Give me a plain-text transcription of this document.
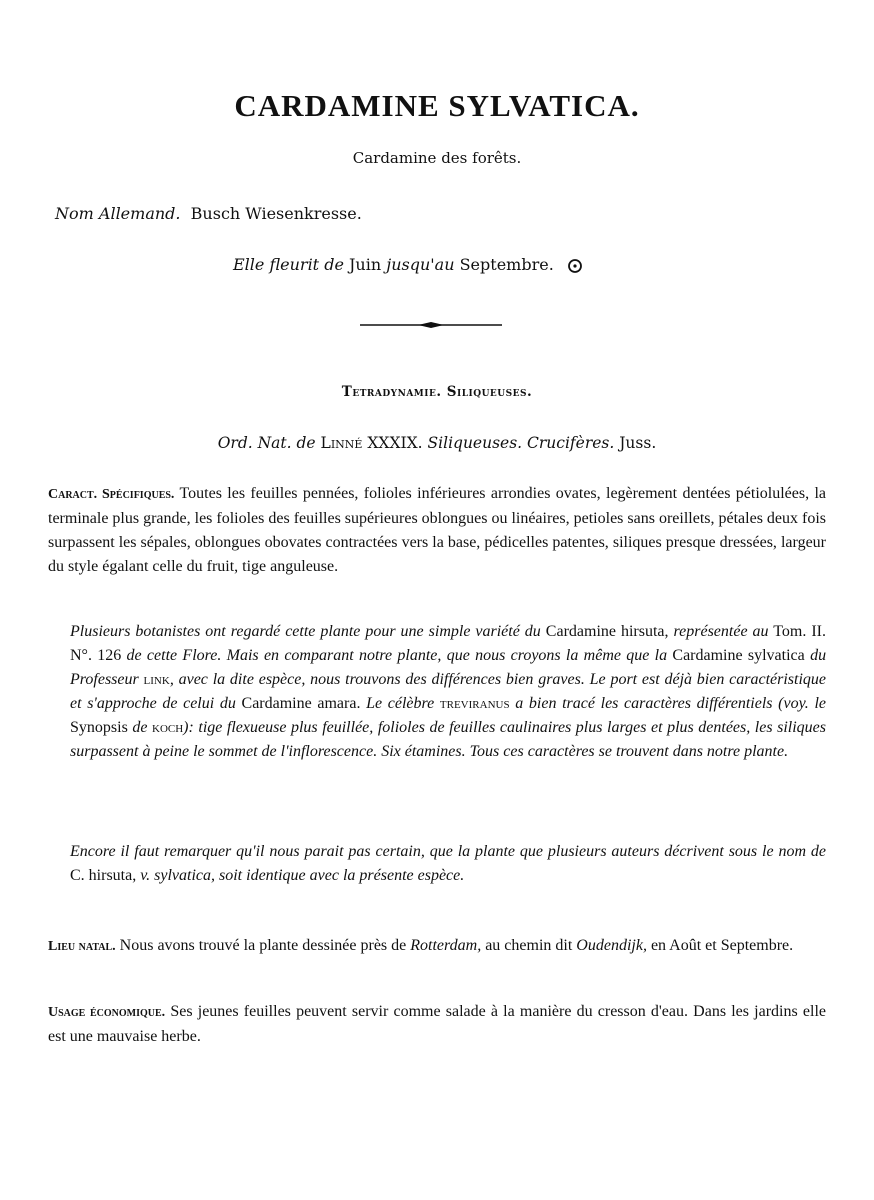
CARDAMINE SYLVATICA.
Cardamine des forêts.
Nom Allemand. Busch Wiesenkresse.
Elle fleurit de Juin jusqu'au Septembre.
Tetradynamie. Siliqueuses.
Ord. Nat. de Linné XXXIX. Siliqueuses. Crucifères. Juss.
Caract. Spécifiques. Toutes les feuilles pennées, folioles inférieures arrondies ovates, legèrement dentées pétiolulées, la terminale plus grande, les folioles des feuilles supérieures oblongues ou linéaires, petioles sans oreillets, pétales deux fois surpassent les sépales, oblongues obovates contractées vers la base, pédicelles patentes, siliques presque dressées, largeur du style égalant celle du fruit, tige anguleuse.
Plusieurs botanistes ont regardé cette plante pour une simple variété du Cardamine hirsuta, représentée au Tom. II. N°. 126 de cette Flore. Mais en comparant notre plante, que nous croyons la même que la Cardamine sylvatica du Professeur link, avec la dite espèce, nous trouvons des différences bien graves. Le port est déjà bien caractéristique et s'approche de celui du Cardamine amara. Le célèbre treviranus a bien tracé les caractères différentiels (voy. le Synopsis de koch): tige flexueuse plus feuillée, folioles de feuilles caulinaires plus larges et plus dentées, les siliques surpassent à peine le sommet de l'inflorescence. Six étamines. Tous ces caractères se trouvent dans notre plante.
Encore il faut remarquer qu'il nous parait pas certain, que la plante que plusieurs auteurs décrivent sous le nom de C. hirsuta, v. sylvatica, soit identique avec la présente espèce.
Lieu natal. Nous avons trouvé la plante dessinée près de Rotterdam, au chemin dit Oudendijk, en Août et Septembre.
Usage économique. Ses jeunes feuilles peuvent servir comme salade à la manière du cresson d'eau. Dans les jardins elle est une mauvaise herbe.
